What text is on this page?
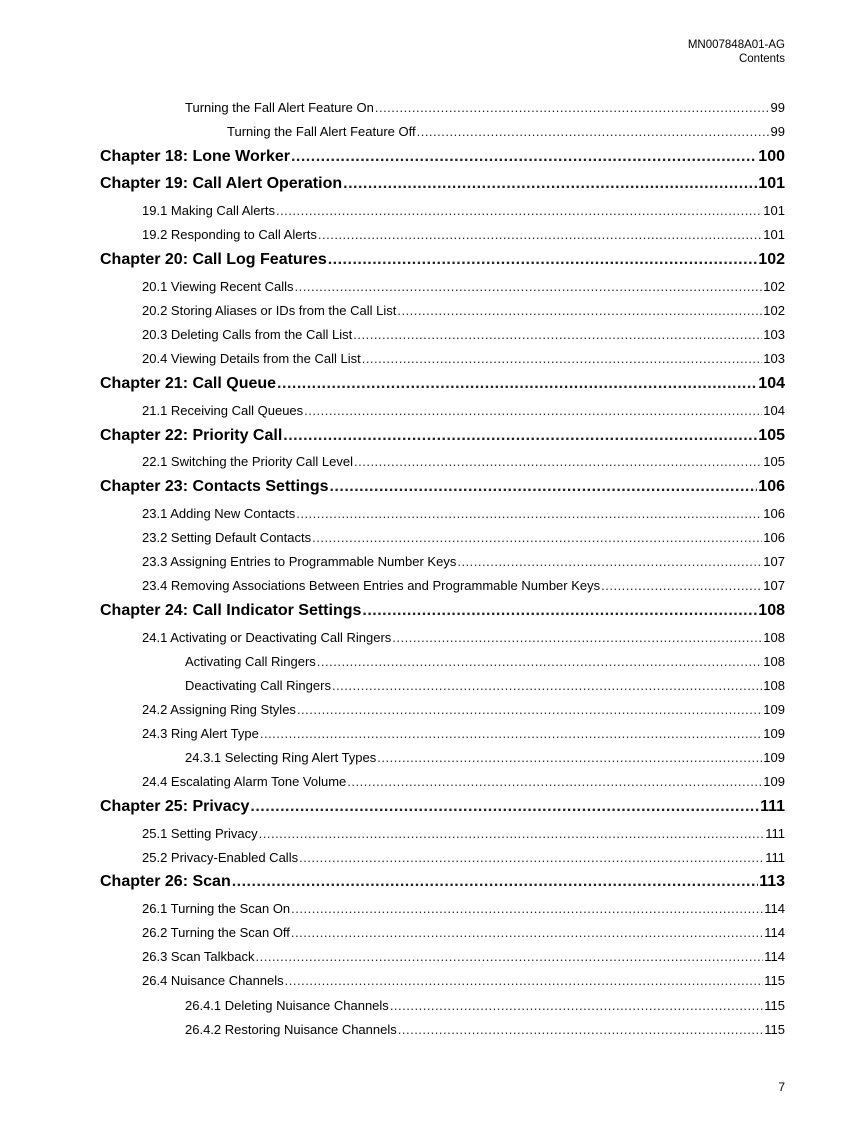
MN007848A01-AG
Contents
Turning the Fall Alert Feature On .....	99
Turning the Fall Alert Feature Off .....	99
Chapter 18: Lone Worker .....	100
Chapter 19: Call Alert Operation .....	101
19.1 Making Call Alerts .....	101
19.2 Responding to Call Alerts .....	101
Chapter 20: Call Log Features .....	102
20.1 Viewing Recent Calls .....	102
20.2 Storing Aliases or IDs from the Call List .....	102
20.3 Deleting Calls from the Call List .....	103
20.4 Viewing Details from the Call List .....	103
Chapter 21: Call Queue .....	104
21.1 Receiving Call Queues .....	104
Chapter 22: Priority Call .....	105
22.1 Switching the Priority Call Level .....	105
Chapter 23: Contacts Settings .....	106
23.1 Adding New Contacts .....	106
23.2 Setting Default Contacts .....	106
23.3 Assigning Entries to Programmable Number Keys .....	107
23.4 Removing Associations Between Entries and Programmable Number Keys .....	107
Chapter 24: Call Indicator Settings .....	108
24.1 Activating or Deactivating Call Ringers .....	108
Activating Call Ringers .....	108
Deactivating Call Ringers .....	108
24.2 Assigning Ring Styles .....	109
24.3 Ring Alert Type .....	109
24.3.1 Selecting Ring Alert Types .....	109
24.4 Escalating Alarm Tone Volume .....	109
Chapter 25: Privacy .....	111
25.1 Setting Privacy .....	111
25.2 Privacy-Enabled Calls .....	111
Chapter 26: Scan .....	113
26.1 Turning the Scan On .....	114
26.2 Turning the Scan Off .....	114
26.3 Scan Talkback .....	114
26.4 Nuisance Channels .....	115
26.4.1 Deleting Nuisance Channels .....	115
26.4.2 Restoring Nuisance Channels .....	115
7
